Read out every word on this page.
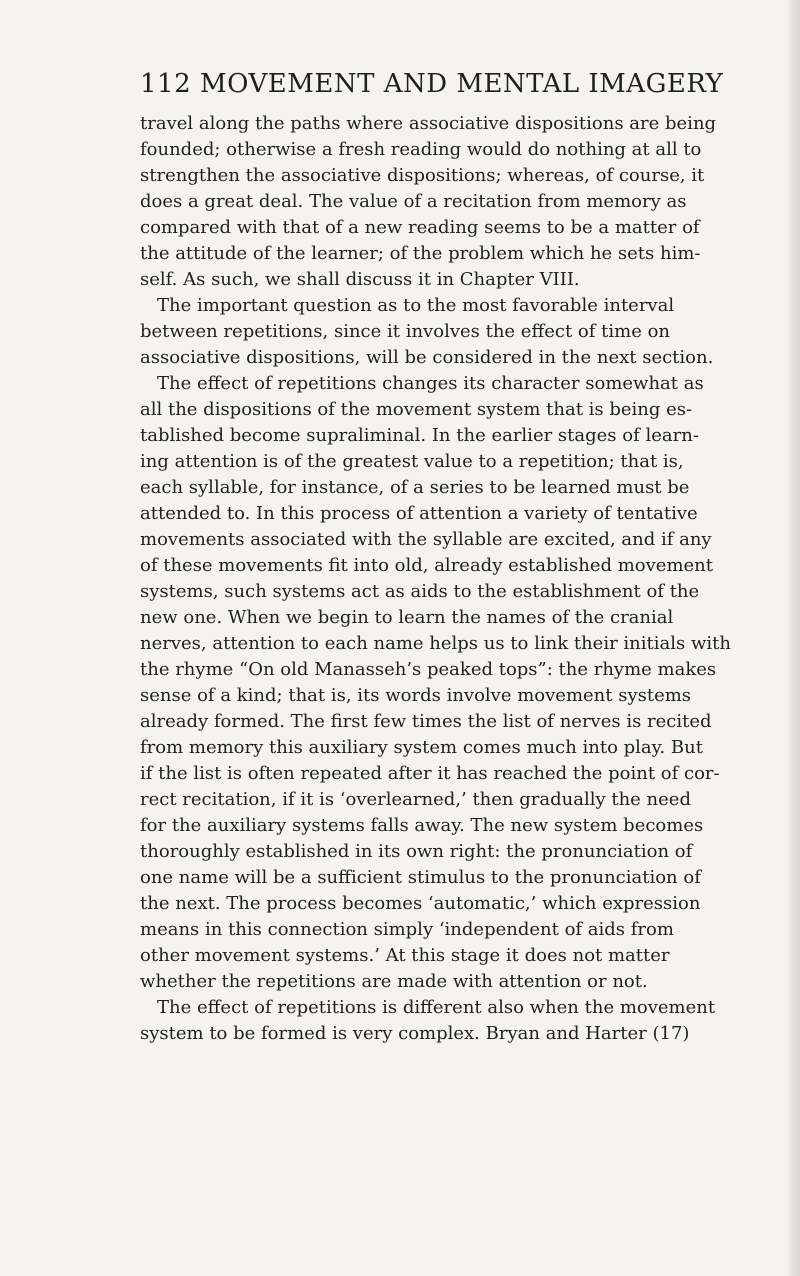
112 MOVEMENT AND MENTAL IMAGERY
travel along the paths where associative dispositions are being
founded; otherwise a fresh reading would do nothing at all to
strengthen the associative dispositions; whereas, of course, it
does a great deal. The value of a recitation from memory as
compared with that of a new reading seems to be a matter of
the attitude of the learner; of the problem which he sets him-
self. As such, we shall discuss it in Chapter VIII.
The important question as to the most favorable interval
between repetitions, since it involves the effect of time on
associative dispositions, will be considered in the next section.
The effect of repetitions changes its character somewhat as
all the dispositions of the movement system that is being es-
tablished become supraliminal. In the earlier stages of learn-
ing attention is of the greatest value to a repetition; that is,
each syllable, for instance, of a series to be learned must be
attended to. In this process of attention a variety of tentative
movements associated with the syllable are excited, and if any
of these movements fit into old, already established movement
systems, such systems act as aids to the establishment of the
new one. When we begin to learn the names of the cranial
nerves, attention to each name helps us to link their initials with
the rhyme “On old Manasseh’s peaked tops”: the rhyme makes
sense of a kind; that is, its words involve movement systems
already formed. The first few times the list of nerves is recited
from memory this auxiliary system comes much into play. But
if the list is often repeated after it has reached the point of cor-
rect recitation, if it is ‘overlearned,’ then gradually the need
for the auxiliary systems falls away. The new system becomes
thoroughly established in its own right: the pronunciation of
one name will be a sufficient stimulus to the pronunciation of
the next. The process becomes ‘automatic,’ which expression
means in this connection simply ‘independent of aids from
other movement systems.’ At this stage it does not matter
whether the repetitions are made with attention or not.
The effect of repetitions is different also when the movement
system to be formed is very complex. Bryan and Harter (17)
